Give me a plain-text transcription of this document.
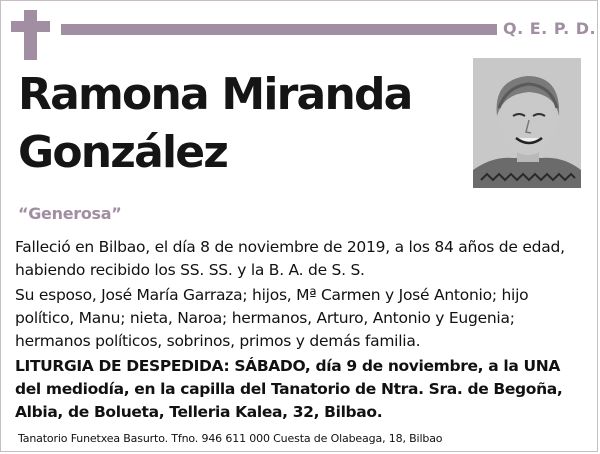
Q. E. P. D.
Ramona Miranda
González
“Generosa”
Falleció en Bilbao, el día 8 de noviembre de 2019, a los 84 años de edad, habiendo recibido los SS. SS. y la B. A. de S. S.
Su esposo, José María Garraza; hijos, Mª Carmen y José Antonio; hijo político, Manu; nieta, Naroa; hermanos, Arturo, Antonio y Eugenia; hermanos políticos, sobrinos, primos y demás familia.
LITURGIA DE DESPEDIDA: SÁBADO, día 9 de noviembre, a la UNA del mediodía, en la capilla del Tanatorio de Ntra. Sra. de Begoña, Albia, de Bolueta, Telleria Kalea, 32, Bilbao.
Tanatorio Funetxea Basurto. Tfno. 946 611 000 Cuesta de Olabeaga, 18, Bilbao
